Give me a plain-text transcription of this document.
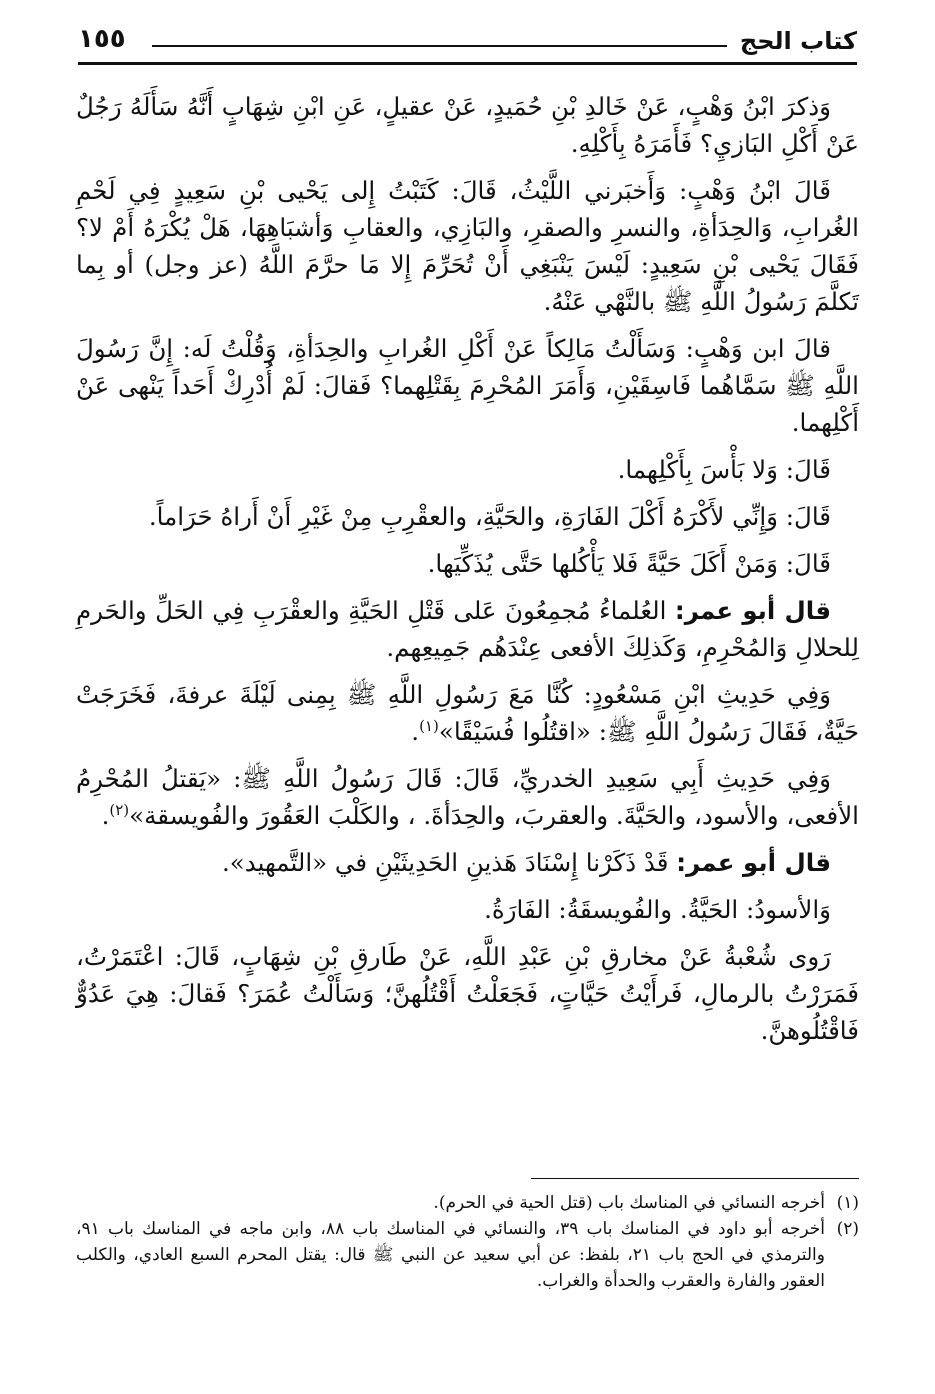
كتاب الحج
١٥٥

وَذكرَ ابْنُ وَهْبٍ، عَنْ خَالدِ بْنِ حُمَيدٍ، عَنْ عقيلٍ، عَنِ ابْنِ شِهَابٍ أَنَّهُ سَأَلَهُ رَجُلٌ عَنْ أَكْلِ البَازيِ؟ فَأَمَرَهُ بِأَكْلِهِ.

قَالَ ابْنُ وَهْبٍ: وَأَخبَرني اللَّيْثُ، قَالَ: كَتَبْتُ إِلى يَحْيى بْنِ سَعِيدٍ فِي لَحْمِ الغُرابِ، وَالحِدَأةِ، والنسرِ والصقرِ، والبَازِي، والعقابِ وَأشبَاهِهَا، هَلْ يُكْرَهُ أَمْ لا؟ فَقَالَ يَحْيى بْنِ سَعِيدٍ: لَيْسَ يَنْبَغِي أَنْ تُحَرِّمَ إِلا مَا حرَّمَ اللَّهُ (عز وجل) أو بِما تَكلَّمَ رَسُولُ اللَّهِ ﷺ بالنَّهْي عَنْهُ.

قالَ ابن وَهْبٍ: وَسَأَلْتُ مَالِكاً عَنْ أَكْلِ الغُرابِ والحِدَأةِ، وَقُلْتُ لَه: إِنَّ رَسُولَ اللَّهِ ﷺ سَمَّاهُما فَاسِقَيْنِ، وَأَمَرَ المُحْرِمَ بِقَتْلِهما؟ فَقالَ: لَمْ أُدْرِكْ أَحَداً يَنْهى عَنْ أَكْلِهما.

قَالَ: وَلا بَأْسَ بِأَكْلِهما.

قَالَ: وَإِنِّي لأَكْرَهُ أَكْلَ الفَارَةِ، والحَيَّةِ، والعقْرِبِ مِنْ غَيْرِ أَنْ أَراهُ حَرَاماً.

قَالَ: وَمَنْ أَكَلَ حَيَّةً فَلا يَأْكُلها حَتَّى يُذَكِّيَها.

قال أبو عمر: العُلماءُ مُجمِعُونَ عَلى قَتْلِ الحَيَّةِ والعقْرَبِ فِي الحَلِّ والحَرمِ لِلحلالِ وَالمُحْرِمِ، وَكَذلِكَ الأفعى عِنْدَهُم جَمِيعِهم.

وَفِي حَدِيثِ ابْنِ مَسْعُودٍ: كُنَّا مَعَ رَسُولِ اللَّهِ ﷺ بِمِنى لَيْلَةَ عرفةَ، فَخَرَجَتْ حَيَّةٌ، فَقَالَ رَسُولُ اللَّهِ ﷺ: «اقتُلُوا فُسَيْقًا»$^{(١)}$.

وَفِي حَدِيثِ أَبِي سَعِيدِ الخدريِّ، قَالَ: قَالَ رَسُولُ اللَّهِ ﷺ: «يَقتلُ المُحْرِمُ الأفعى، والأسود، والحَيَّةَ. والعقربَ، والحِدَأةَ. ، والكَلْبَ العَقُورَ والفُويسقة»$^{(٢)}$.

قال أبو عمر: قَدْ ذَكَرْنا إِسْنَادَ هَذينِ الحَدِيثَيْنِ في «التَّمهيد».

وَالأسودُ: الحَيَّةُ. والفُويسقَةُ: الفَارَةُ.

رَوى شُعْبةُ عَنْ مخارقِ بْنِ عَبْدِ اللَّهِ، عَنْ طَارقِ بْنِ شِهَابٍ، قَالَ: اعْتَمَرْتُ، فَمَرَرْتُ بالرمالِ، فَرأَيْتُ حَيَّاتٍ، فَجَعَلْتُ أَقْتُلُهنَّ؛ وَسَأَلْتُ عُمَرَ؟ فَقالَ: هِيَ عَدُوٌّ فَاقْتُلُوهنَّ.

(١)
أخرجه النسائي في المناسك باب (قتل الحية في الحرم).

(٢)
أخرجه أبو داود في المناسك باب ٣٩، والنسائي في المناسك باب ٨٨، وابن ماجه في المناسك باب ٩١، والترمذي في الحج باب ٢١، بلفظ: عن أبي سعيد عن النبي ﷺ قال: يقتل المحرم السبع العادي، والكلب العقور والفارة والعقرب والحدأة والغراب.
